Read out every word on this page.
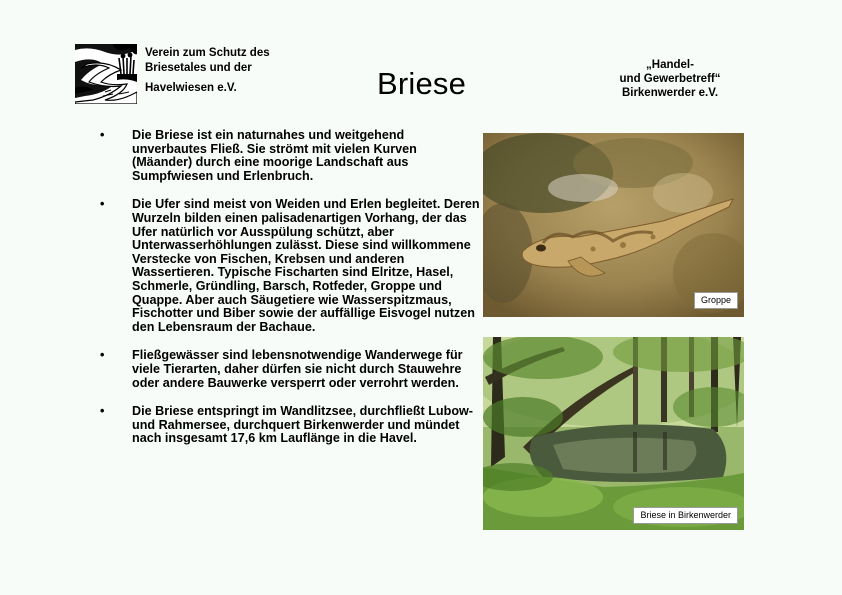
Verein zum Schutz des
Briesetales und der
Havelwiesen e.V.	Briese
„Handel-
und Gewerbetreff“
Birkenwerder e.V.
• Die Briese ist ein naturnahes und weitgehend unverbautes Fließ. Sie strömt mit vielen Kurven (Mäander) durch eine moorige Landschaft aus Sumpfwiesen und Erlenbruch.
• Die Ufer sind meist von Weiden und Erlen begleitet. Deren Wurzeln bilden einen palisadenartigen Vorhang, der das Ufer natürlich vor Ausspülung schützt, aber Unterwasserhöhlungen zulässt. Diese sind willkommene Verstecke von Fischen, Krebsen und anderen Wassertieren. Typische Fischarten sind Elritze, Hasel, Schmerle, Gründling, Barsch, Rotfeder, Groppe und Quappe. Aber auch Säugetiere wie Wasserspitzmaus, Fischotter und Biber sowie der auffällige Eisvogel nutzen den Lebensraum der Bachaue.
• Fließgewässer sind lebensnotwendige Wanderwege für viele Tierarten, daher dürfen sie nicht durch Stauwehre oder andere Bauwerke versperrt oder verrohrt werden.
• Die Briese entspringt im Wandlitzsee, durchfließt Lubow- und Rahmersee, durchquert Birkenwerder und mündet nach insgesamt 17,6 km Lauflänge in die Havel.
Groppe
Briese in Birkenwerder
